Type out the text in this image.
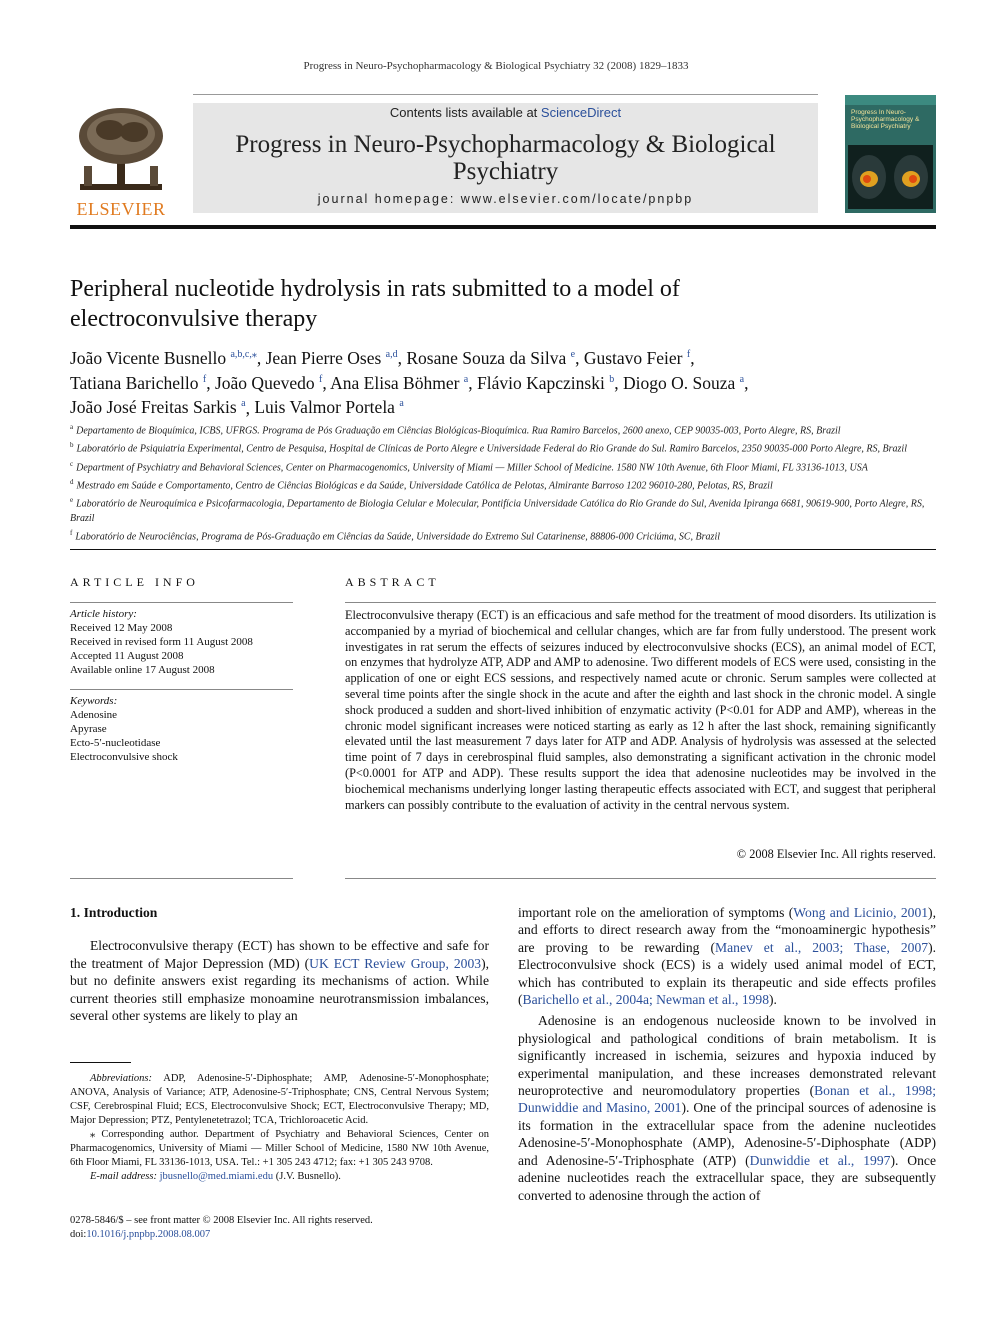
Progress in Neuro-Psychopharmacology & Biological Psychiatry 32 (2008) 1829–1833
ELSEVIER
Contents lists available at ScienceDirect
Progress in Neuro-Psychopharmacology & Biological
Psychiatry
journal homepage: www.elsevier.com/locate/pnpbp
Progress In Neuro-Psychopharmacology & Biological Psychiatry
Peripheral nucleotide hydrolysis in rats submitted to a model of
electroconvulsive therapy
João Vicente Busnello $^{a,b,c,⁎}$, Jean Pierre Oses $^{a,d}$, Rosane Souza da Silva $^e$, Gustavo Feier $^f$,
Tatiana Barichello $^f$, João Quevedo $^f$, Ana Elisa Böhmer $^a$, Flávio Kapczinski $^b$, Diogo O. Souza $^a$,
João José Freitas Sarkis $^a$, Luis Valmor Portela $^a$
$^a$ Departamento de Bioquímica, ICBS, UFRGS. Programa de Pós Graduação em Ciências Biológicas-Bioquímica. Rua Ramiro Barcelos, 2600 anexo, CEP 90035-003, Porto Alegre, RS, Brazil
$^b$ Laboratório de Psiquiatria Experimental, Centro de Pesquisa, Hospital de Clínicas de Porto Alegre e Universidade Federal do Rio Grande do Sul. Ramiro Barcelos, 2350 90035-000 Porto Alegre, RS, Brazil
$^c$ Department of Psychiatry and Behavioral Sciences, Center on Pharmacogenomics, University of Miami — Miller School of Medicine. 1580 NW 10th Avenue, 6th Floor Miami, FL 33136-1013, USA
$^d$ Mestrado em Saúde e Comportamento, Centro de Ciências Biológicas e da Saúde, Universidade Católica de Pelotas, Almirante Barroso 1202 96010-280, Pelotas, RS, Brazil
$^e$ Laboratório de Neuroquímica e Psicofarmacologia, Departamento de Biologia Celular e Molecular, Pontifícia Universidade Católica do Rio Grande do Sul, Avenida Ipiranga 6681, 90619-900, Porto Alegre, RS, Brazil
$^f$ Laboratório de Neurociências, Programa de Pós-Graduação em Ciências da Saúde, Universidade do Extremo Sul Catarinense, 88806-000 Criciúma, SC, Brazil
ARTICLE INFO
Article history:
Received 12 May 2008
Received in revised form 11 August 2008
Accepted 11 August 2008
Available online 17 August 2008
Keywords:
Adenosine
Apyrase
Ecto-5′-nucleotidase
Electroconvulsive shock
ABSTRACT
Electroconvulsive therapy (ECT) is an efficacious and safe method for the treatment of mood disorders. Its utilization is accompanied by a myriad of biochemical and cellular changes, which are far from fully understood. The present work investigates in rat serum the effects of seizures induced by electroconvulsive shocks (ECS), an animal model of ECT, on enzymes that hydrolyze ATP, ADP and AMP to adenosine. Two different models of ECS were used, consisting in the application of one or eight ECS sessions, and respectively named acute or chronic. Serum samples were collected at several time points after the single shock in the acute and after the eighth and last shock in the chronic model. A single shock produced a sudden and short-lived inhibition of enzymatic activity (P<0.01 for ADP and AMP), whereas in the chronic model significant increases were noticed starting as early as 12 h after the last shock, remaining significantly elevated until the last measurement 7 days later for ATP and ADP. Analysis of hydrolysis was assessed at the selected time point of 7 days in cerebrospinal fluid samples, also demonstrating a significant activation in the chronic model (P<0.0001 for ATP and ADP). These results support the idea that adenosine nucleotides may be involved in the biochemical mechanisms underlying longer lasting therapeutic effects associated with ECT, and suggest that peripheral markers can possibly contribute to the evaluation of activity in the central nervous system.
© 2008 Elsevier Inc. All rights reserved.

1. Introduction

Electroconvulsive therapy (ECT) has shown to be effective and safe for the treatment of Major Depression (MD) (UK ECT Review Group, 2003), but no definite answers exist regarding its mechanisms of action. While current theories still emphasize monoamine neurotransmission imbalances, several other systems are likely to play an

important role on the amelioration of symptoms (Wong and Licinio, 2001), and efforts to direct research away from the “monoaminergic hypothesis” are proving to be rewarding (Manev et al., 2003; Thase, 2007). Electroconvulsive shock (ECS) is a widely used animal model of ECT, which has contributed to explain its therapeutic and side effects profiles (Barichello et al., 2004a; Newman et al., 1998).

Adenosine is an endogenous nucleoside known to be involved in physiological and pathological conditions of brain metabolism. It is significantly increased in ischemia, seizures and hypoxia induced by experimental manipulation, and these increases demonstrated relevant neuroprotective and neuromodulatory properties (Bonan et al., 1998; Dunwiddie and Masino, 2001). One of the principal sources of adenosine is its formation in the extracellular space from the adenine nucleotides Adenosine-5′-Monophosphate (AMP), Adenosine-5′-Diphosphate (ADP) and Adenosine-5′-Triphosphate (ATP) (Dunwiddie et al., 1997). Once adenine nucleotides reach the extracellular space, they are subsequently converted to adenosine through the action of

Abbreviations: ADP, Adenosine-5′-Diphosphate; AMP, Adenosine-5′-Monophosphate; ANOVA, Analysis of Variance; ATP, Adenosine-5′-Triphosphate; CNS, Central Nervous System; CSF, Cerebrospinal Fluid; ECS, Electroconvulsive Shock; ECT, Electroconvulsive Therapy; MD, Major Depression; PTZ, Pentylenetetrazol; TCA, Trichloroacetic Acid.
⁎ Corresponding author. Department of Psychiatry and Behavioral Sciences, Center on Pharmacogenomics, University of Miami — Miller School of Medicine, 1580 NW 10th Avenue, 6th Floor Miami, FL 33136-1013, USA. Tel.: +1 305 243 4712; fax: +1 305 243 9708.
E-mail address: jbusnello@med.miami.edu (J.V. Busnello).
0278-5846/$ – see front matter © 2008 Elsevier Inc. All rights reserved.
doi:10.1016/j.pnpbp.2008.08.007
